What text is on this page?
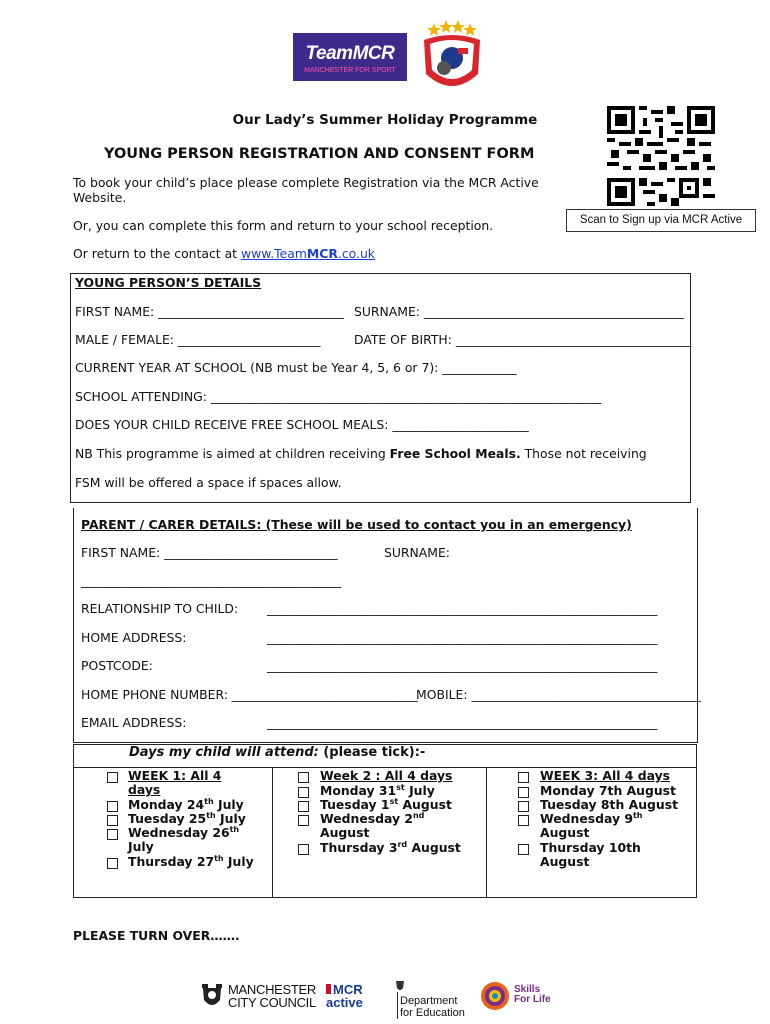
TeamMCR
MANCHESTER FOR SPORT
Scan to Sign up via MCR Active
Our Lady’s Summer Holiday Programme
YOUNG PERSON REGISTRATION AND CONSENT FORM
To book your child’s place please complete Registration via the MCR Active Website.
Or, you can complete this form and return to your school reception.
Or return to the contact at www.TeamMCR.co.uk
YOUNG PERSON’S DETAILS
FIRST NAME: ______________________________ SURNAME: __________________________________________
MALE / FEMALE: _______________________	DATE OF BIRTH: ______________________________________
CURRENT YEAR AT SCHOOL (NB must be Year 4, 5, 6 or 7): ____________
SCHOOL ATTENDING: _______________________________________________________________
DOES YOUR CHILD RECEIVE FREE SCHOOL MEALS: ______________________
NB This programme is aimed at children receiving Free School Meals. Those not receiving
FSM will be offered a space if spaces allow.
PARENT / CARER DETAILS: (These will be used to contact you in an emergency)
FIRST NAME: ____________________________	SURNAME:
__________________________________________
RELATIONSHIP TO CHILD: _______________________________________________________________
HOME ADDRESS:	_______________________________________________________________
POSTCODE:	_______________________________________________________________
HOME PHONE NUMBER: ______________________________
MOBILE: _____________________________________
EMAIL ADDRESS:	_______________________________________________________________
Days my child will attend: (please tick):-
WEEK 1: All 4
days
Monday 24th July
Tuesday 25th July
Wednesday 26th
July
Thursday 27th July
Week 2 : All 4 days
Monday 31st July
Tuesday 1st August
Wednesday 2nd
August
Thursday 3rd August
WEEK 3: All 4 days
Monday 7th August
Tuesday 8th August
Wednesday 9th
August
Thursday 10th
August
PLEASE TURN OVER…….
MANCHESTER
CITY COUNCIL
MCR
active	Department
for Education
Skills
For Life
